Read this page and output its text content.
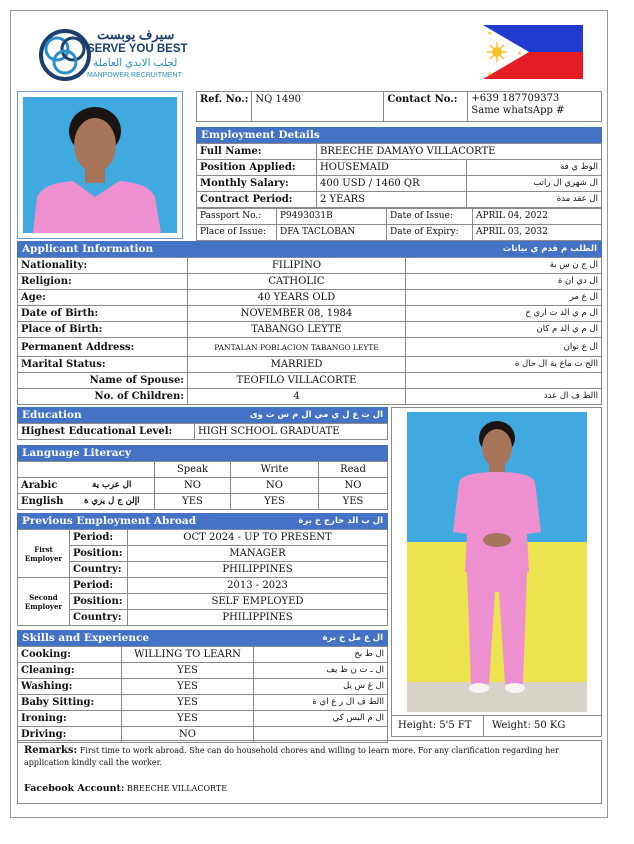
سيرف يوبست
SERVE YOU BEST
لجلب الايدي العاملة
MANPOWER RECRUITMENT
★
★
★
Ref. No.:	NQ 1490	Contact No.:	+639 187709373
Same whatsApp #
Employment Details
Full Name:	BREECHE DAMAYO VILLACORTE	
Position Applied:	HOUSEMAID	الوظ ي فة
Monthly Salary:	400 USD / 1460 QR	ال شهري ال راتب
Contract Period:	2 YEARS	ال عقد مدة
Passport No.:	P9493031B	Date of Issue:	APRIL 04, 2022
Place of Issue:	DFA TACLOBAN	Date of Expiry:	APRIL 03, 2032
Applicant Information	الطلب م قدم ي بيانات
Nationality:	FILIPINO	ال ج ن س ية
Religion:	CATHOLIC	ال دي ان ة
Age:	40 YEARS OLD	ال ع مر
Date of Birth:	NOVEMBER 08, 1984	ال م ي الد ت اري خ
Place of Birth:	TABANGO LEYTE	ال م ي الد م كان
Permanent Address:	PANTALAN POBLACION TABANGO LEYTE	ال ع نوان
Marital Status:	MARRIED	االج ت ماع ية ال حال ة
Name of Spouse:	TEOFILO VILLACORTE	
No. of Children:	4	االط ف ال عدد
Education	ال ت ع ل ي مي ال م س ت وى
Highest Educational Level:	HIGH SCHOOL GRADUATE
Language Literacy
		Speak	Write	Read
Arabic	ال عرب ية	NO	NO	NO
English	اإلن ج ل يزي ة	YES	YES	YES
Previous Employment Abroad	ال ب الد خارج خ برة
First Employer	Period:	OCT 2024 - UP TO PRESENT
	Position:	MANAGER
	Country:	PHILIPPINES
Second Employer	Period:	2013 - 2023
	Position:	SELF EMPLOYED
	Country:	PHILIPPINES
Skills and Experience	ال ع مل خ برة
Cooking:	WILLING TO LEARN	ال ط بخ
Cleaning:	YES	ال ـ ت ن ظ يف
Washing:	YES	ال غ س يل
Baby Sitting:	YES	االط ف ال ر ع اي ة
Ironing:	YES	ال م البس كي
Driving:	NO	
Height: 5'5 FT	Weight: 50 KG
Remarks: First time to work abroad. She can do household chores and willing to learn more. For any clarification regarding her application kindly call the worker.
Facebook Account: BREECHE VILLACORTE
